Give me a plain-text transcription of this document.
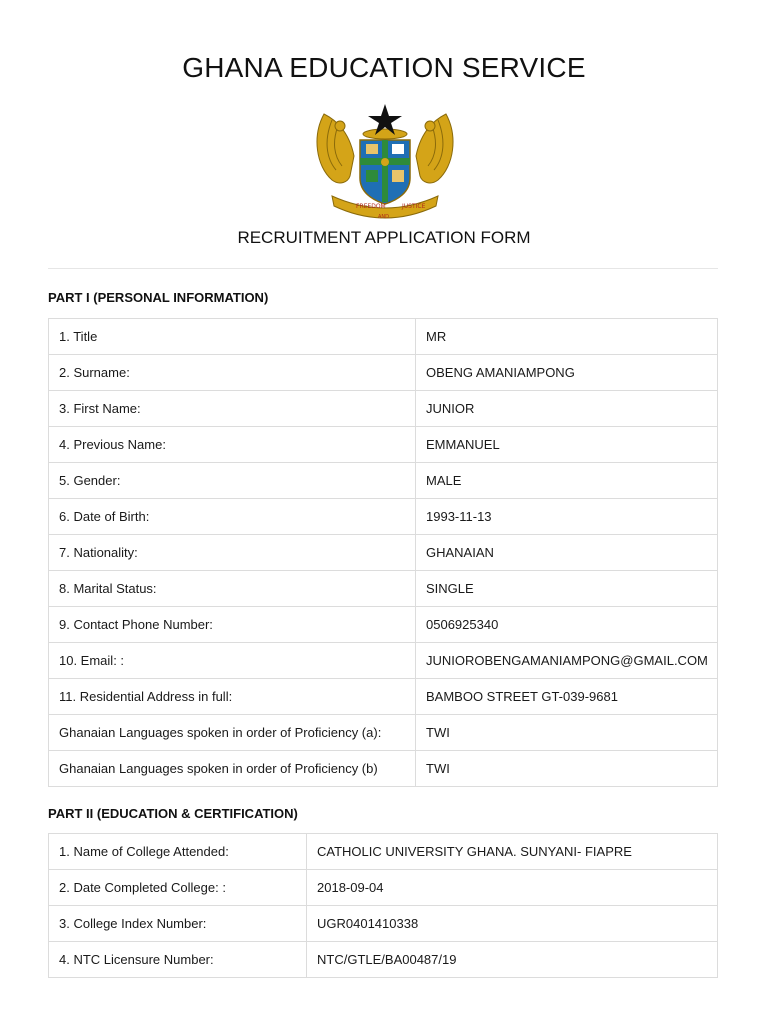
GHANA EDUCATION SERVICE
FREEDOM	JUSTICE
AND
RECRUITMENT APPLICATION FORM
PART I (PERSONAL INFORMATION)
1. Title	MR
2. Surname:	OBENG AMANIAMPONG
3. First Name:	JUNIOR
4. Previous Name:	EMMANUEL
5. Gender:	MALE
6. Date of Birth:	1993-11-13
7. Nationality:	GHANAIAN
8. Marital Status:	SINGLE
9. Contact Phone Number:	0506925340
10. Email: :	JUNIOROBENGAMANIAMPONG@GMAIL.COM
11. Residential Address in full:	BAMBOO STREET GT-039-9681
Ghanaian Languages spoken in order of Proficiency (a):	TWI
Ghanaian Languages spoken in order of Proficiency (b)	TWI
PART II (EDUCATION & CERTIFICATION)
1. Name of College Attended:	CATHOLIC UNIVERSITY GHANA. SUNYANI- FIAPRE
2. Date Completed College: :	2018-09-04
3. College Index Number:	UGR0401410338
4. NTC Licensure Number:	NTC/GTLE/BA00487/19
